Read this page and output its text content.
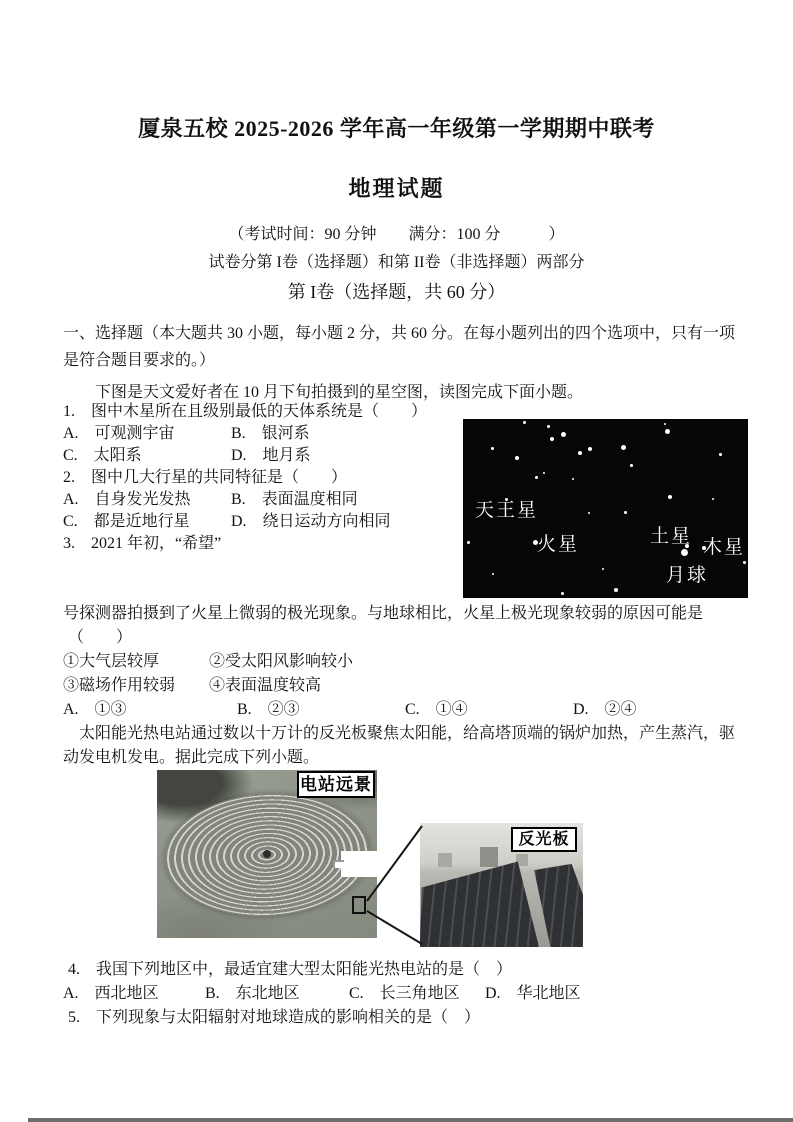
厦泉五校 2025-2026 学年高一年级第一学期期中联考
地理试题
（考试时间：90 分钟　　满分：100 分　　　）
试卷分第 I卷（选择题）和第 II卷（非选择题）两部分
第 I卷（选择题，共 60 分）
一、选择题（本大题共 30 小题，每小题 2 分，共 60 分。在每小题列出的四个选项中，只有一项是符合题目要求的。）
下图是天文爱好者在 10 月下旬拍摄到的星空图，读图完成下面小题。
1.　图中木星所在且级别最低的天体系统是（　　）
A.　可观测宇宙	B.　银河系
C.　太阳系	D.　地月系
2.　图中几大行星的共同特征是（　　）
A.　自身发光发热	B.　表面温度相同
C.　都是近地行星	D.　绕日运动方向相同
3.　2021 年初，“希望”
天王星
火星	土星
木星
月球
号探测器拍摄到了火星上微弱的极光现象。与地球相比，火星上极光现象较弱的原因可能是
（　　）
①大气层较厚	②受太阳风影响较小
③磁场作用较弱 ④表面温度较高
A.　①③	B.　②③	C.　①④	D.　②④
太阳能光热电站通过数以十万计的反光板聚焦太阳能，给高塔顶端的锅炉加热，产生蒸汽，驱动发电机发电。据此完成下列小题。
电站远景
反光板
4.　我国下列地区中，最适宜建大型太阳能光热电站的是（　）
A.　西北地区	B.　东北地区	C.　长三角地区	D.　华北地区
5.　下列现象与太阳辐射对地球造成的影响相关的是（　）
